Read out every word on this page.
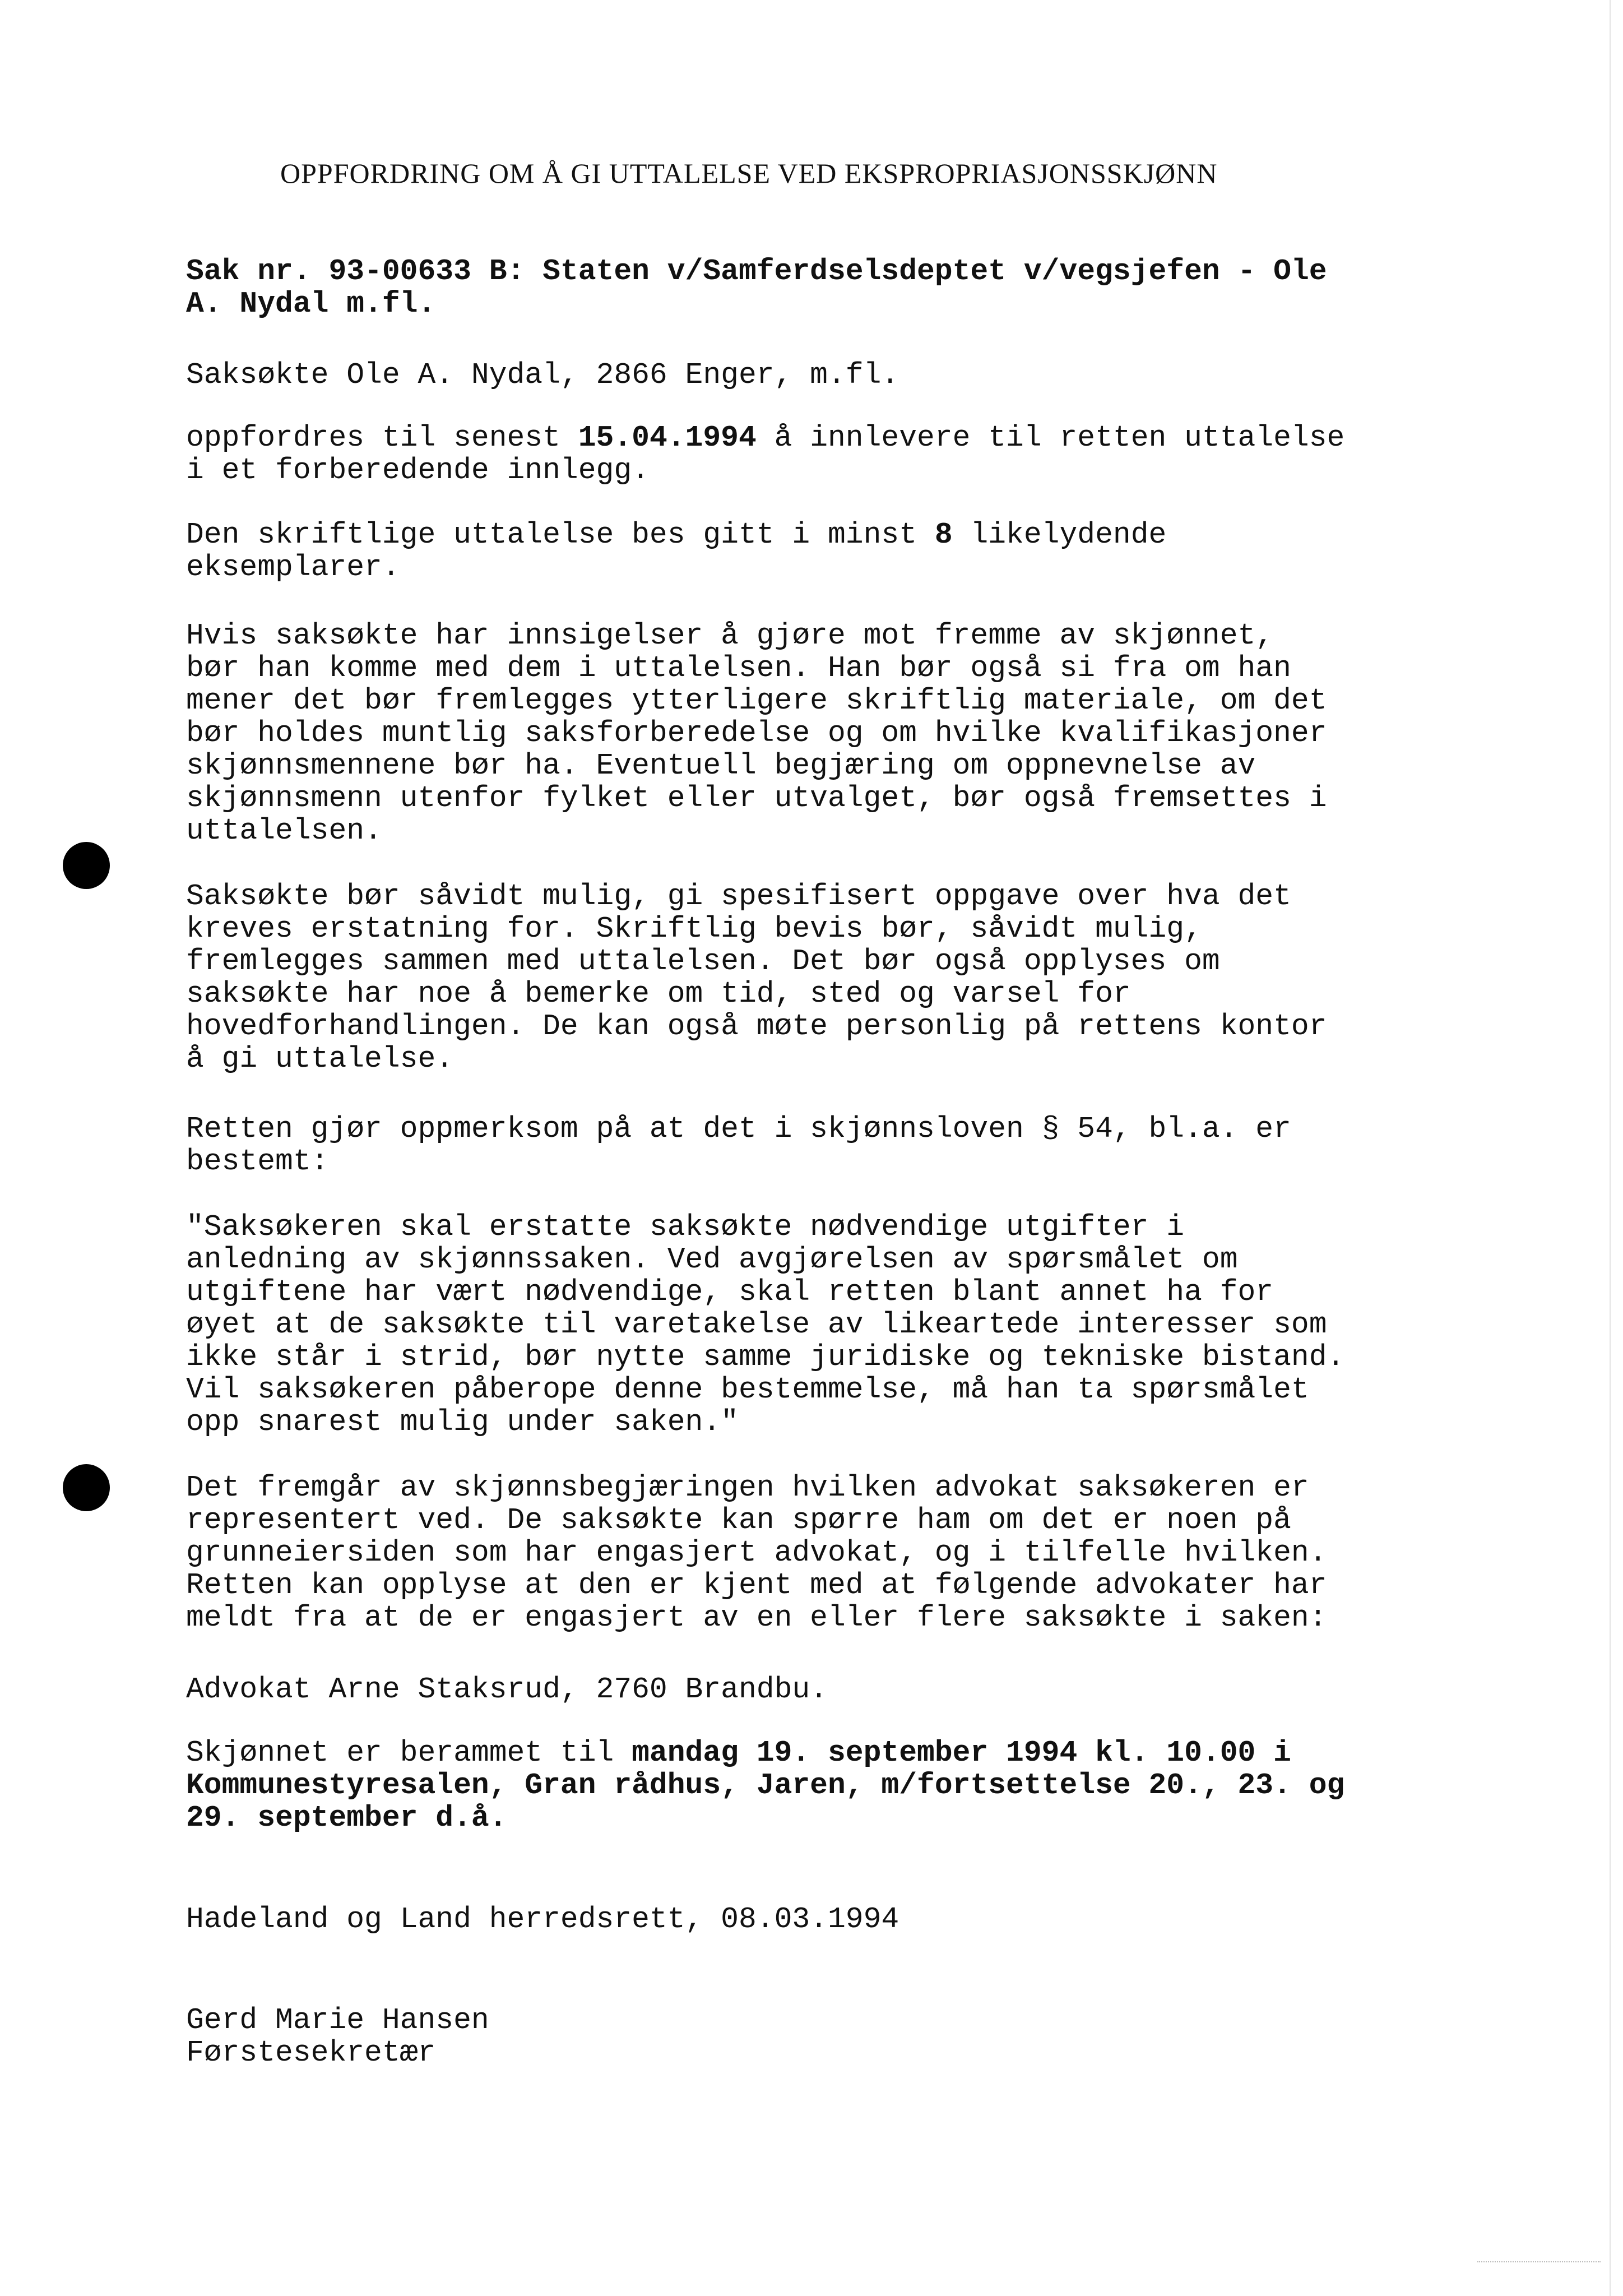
OPPFORDRING OM Å GI UTTALELSE VED EKSPROPRIASJONSSKJØNN

Sak nr. 93-00633 B: Staten v/Samferdselsdeptet v/vegsjefen - Ole
A. Nydal m.fl.

Saksøkte Ole A. Nydal, 2866 Enger, m.fl.

oppfordres til senest 15.04.1994 å innlevere til retten uttalelse
i et forberedende innlegg.

Den skriftlige uttalelse bes gitt i minst 8 likelydende
eksemplarer.

Hvis saksøkte har innsigelser å gjøre mot fremme av skjønnet,
bør han komme med dem i uttalelsen. Han bør også si fra om han
mener det bør fremlegges ytterligere skriftlig materiale, om det
bør holdes muntlig saksforberedelse og om hvilke kvalifikasjoner
skjønnsmennene bør ha. Eventuell begjæring om oppnevnelse av
skjønnsmenn utenfor fylket eller utvalget, bør også fremsettes i
uttalelsen.

Saksøkte bør såvidt mulig, gi spesifisert oppgave over hva det
kreves erstatning for. Skriftlig bevis bør, såvidt mulig,
fremlegges sammen med uttalelsen. Det bør også opplyses om
saksøkte har noe å bemerke om tid, sted og varsel for
hovedforhandlingen. De kan også møte personlig på rettens kontor
å gi uttalelse.

Retten gjør oppmerksom på at det i skjønnsloven § 54, bl.a. er
bestemt:

"Saksøkeren skal erstatte saksøkte nødvendige utgifter i
anledning av skjønnssaken. Ved avgjørelsen av spørsmålet om
utgiftene har vært nødvendige, skal retten blant annet ha for
øyet at de saksøkte til varetakelse av likeartede interesser som
ikke står i strid, bør nytte samme juridiske og tekniske bistand.
Vil saksøkeren påberope denne bestemmelse, må han ta spørsmålet
opp snarest mulig under saken."

Det fremgår av skjønnsbegjæringen hvilken advokat saksøkeren er
representert ved. De saksøkte kan spørre ham om det er noen på
grunneiersiden som har engasjert advokat, og i tilfelle hvilken.
Retten kan opplyse at den er kjent med at følgende advokater har
meldt fra at de er engasjert av en eller flere saksøkte i saken:

Advokat Arne Staksrud, 2760 Brandbu.

Skjønnet er berammet til mandag 19. september 1994 kl. 10.00 i
Kommunestyresalen, Gran rådhus, Jaren, m/fortsettelse 20., 23. og
29. september d.å.

Hadeland og Land herredsrett, 08.03.1994

Gerd Marie Hansen

Førstesekretær
